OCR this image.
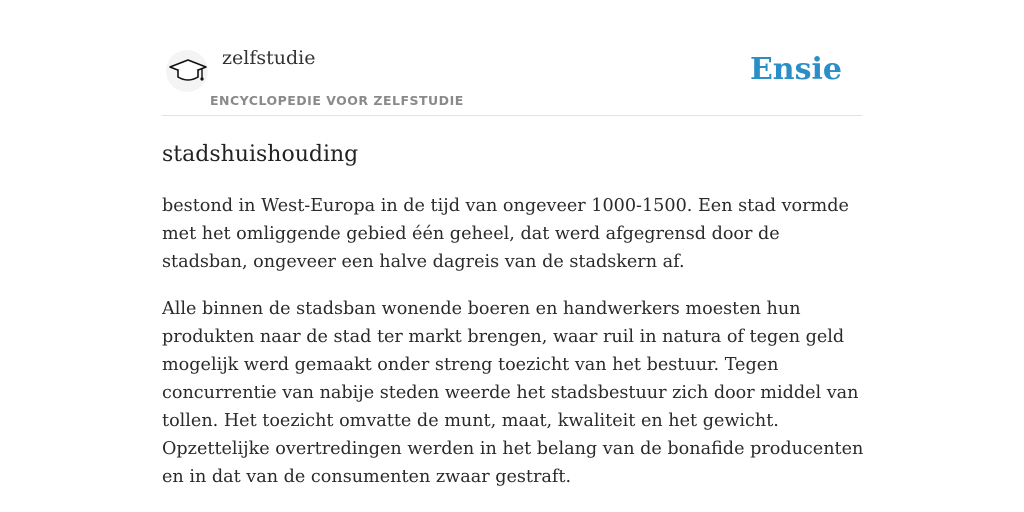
zelfstudie
ENCYCLOPEDIE VOOR ZELFSTUDIE
Ensie
stadshuishouding

bestond in West-Europa in de tijd van ongeveer 1000-1500. Een stad vormde met het omliggende gebied één geheel, dat werd afgegrensd door de stadsban, ongeveer een halve dagreis van de stadskern af.

Alle binnen de stadsban wonende boeren en handwerkers moesten hun produkten naar de stad ter markt brengen, waar ruil in natura of tegen geld mogelijk werd gemaakt onder streng toezicht van het bestuur. Tegen concurrentie van nabije steden weerde het stadsbestuur zich door middel van tollen. Het toezicht omvatte de munt, maat, kwaliteit en het gewicht. Opzettelijke overtredingen werden in het belang van de bonafide producenten en in dat van de consumenten zwaar gestraft.
